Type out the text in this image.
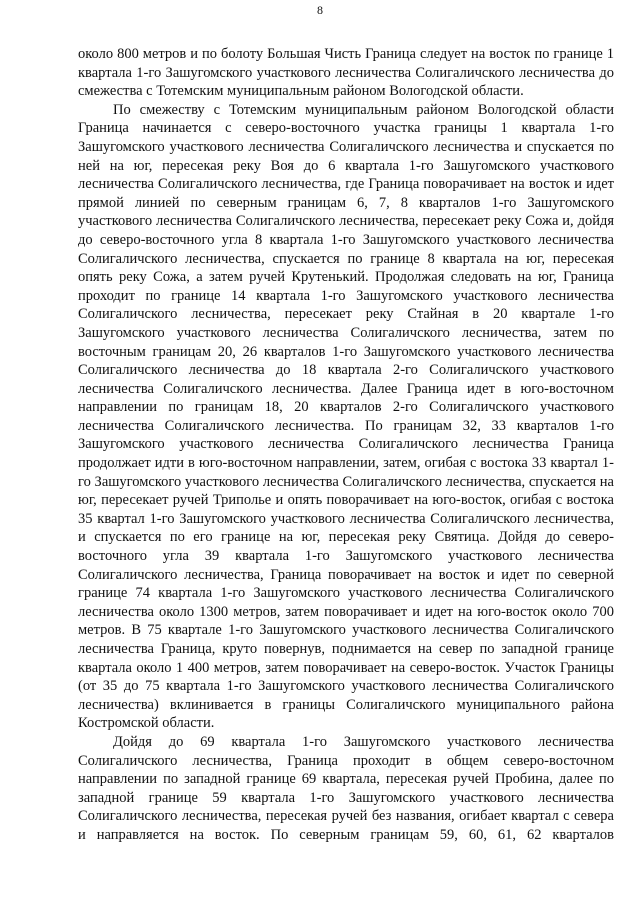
8

около 800 метров и по болоту Большая Чисть Граница следует на восток по границе 1 квартала 1-го Зашугомского участкового лесничества Солигаличского лесничества до смежества с Тотемским муниципальным районом Вологодской области.

По смежеству с Тотемским муниципальным районом Вологодской области Граница начинается с северо-восточного участка границы 1 квартала 1-го Зашугомского участкового лесничества Солигаличского лесничества и спускается по ней на юг, пересекая реку Воя до 6 квартала 1-го Зашугомского участкового лесничества Солигаличского лесничества, где Граница поворачивает на восток и идет прямой линией по северным границам 6, 7, 8 кварталов 1-го Зашугомского участкового лесничества Солигаличского лесничества, пересекает реку Сожа и, дойдя до северо-восточного угла 8 квартала 1-го Зашугомского участкового лесничества Солигаличского лесничества, спускается по границе 8 квартала на юг, пересекая опять реку Сожа, а затем ручей Крутенький. Продолжая следовать на юг, Граница проходит по границе 14 квартала 1-го Зашугомского участкового лесничества Солигаличского лесничества, пересекает реку Стайная в 20 квартале 1-го Зашугомского участкового лесничества Солигаличского лесничества, затем по восточным границам 20, 26 кварталов 1-го Зашугомского участкового лесничества Солигаличского лесничества до 18 квартала 2-го Солигаличского участкового лесничества Солигаличского лесничества. Далее Граница идет в юго-восточном направлении по границам 18, 20 кварталов 2-го Солигаличского участкового лесничества Солигаличского лесничества. По границам 32, 33 кварталов 1-го Зашугомского участкового лесничества Солигаличского лесничества Граница продолжает идти в юго-восточном направлении, затем, огибая с востока 33 квартал 1-го Зашугомского участкового лесничества Солигаличского лесничества, спускается на юг, пересекает ручей Триполье и опять поворачивает на юго-восток, огибая с востока 35 квартал 1-го Зашугомского участкового лесничества Солигаличского лесничества, и спускается по его границе на юг, пересекая реку Святица. Дойдя до северо-восточного угла 39 квартала 1-го Зашугомского участкового лесничества Солигаличского лесничества, Граница поворачивает на восток и идет по северной границе 74 квартала 1-го Зашугомского участкового лесничества Солигаличского лесничества около 1300 метров, затем поворачивает и идет на юго-восток около 700 метров. В 75 квартале 1-го Зашугомского участкового лесничества Солигаличского лесничества Граница, круто повернув, поднимается на север по западной границе квартала около 1 400 метров, затем поворачивает на северо-восток. Участок Границы (от 35 до 75 квартала 1-го Зашугомского участкового лесничества Солигаличского лесничества) вклинивается в границы Солигаличского муниципального района Костромской области.

Дойдя до 69 квартала 1-го Зашугомского участкового лесничества Солигаличского лесничества, Граница проходит в общем северо-восточном направлении по западной границе 69 квартала, пересекая ручей Пробина, далее по западной границе 59 квартала 1-го Зашугомского участкового лесничества Солигаличского лесничества, пересекая ручей без названия, огибает квартал с севера и направляется на восток. По северным границам 59, 60, 61, 62 кварталов
